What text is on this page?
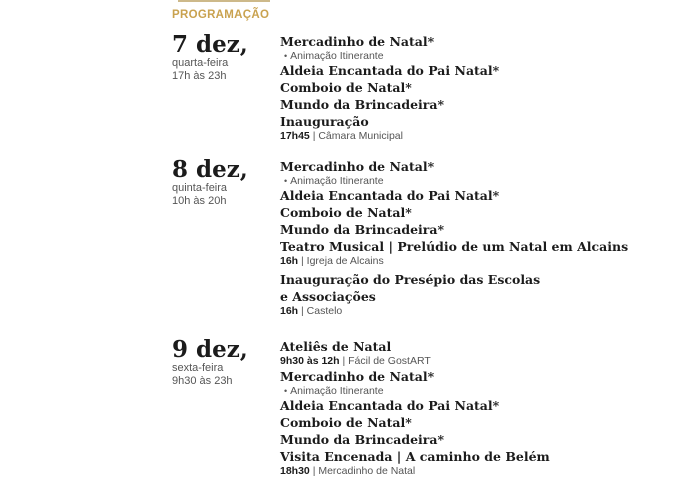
PROGRAMAÇÃO
7 dez,
quarta-feira
17h às 23h
Mercadinho de Natal*
• Animação Itinerante
Aldeia Encantada do Pai Natal*
Comboio de Natal*
Mundo da Brincadeira*
Inauguração
17h45 | Câmara Municipal
8 dez,
quinta-feira
10h às 20h
Mercadinho de Natal*
• Animação Itinerante
Aldeia Encantada do Pai Natal*
Comboio de Natal*
Mundo da Brincadeira*
Teatro Musical | Prelúdio de um Natal em Alcains
16h | Igreja de Alcains
Inauguração do Presépio das Escolas
e Associações
16h | Castelo
9 dez,
sexta-feira
9h30 às 23h
Ateliês de Natal
9h30 às 12h | Fácil de GostART
Mercadinho de Natal*
• Animação Itinerante
Aldeia Encantada do Pai Natal*
Comboio de Natal*
Mundo da Brincadeira*
Visita Encenada | A caminho de Belém
18h30 | Mercadinho de Natal
